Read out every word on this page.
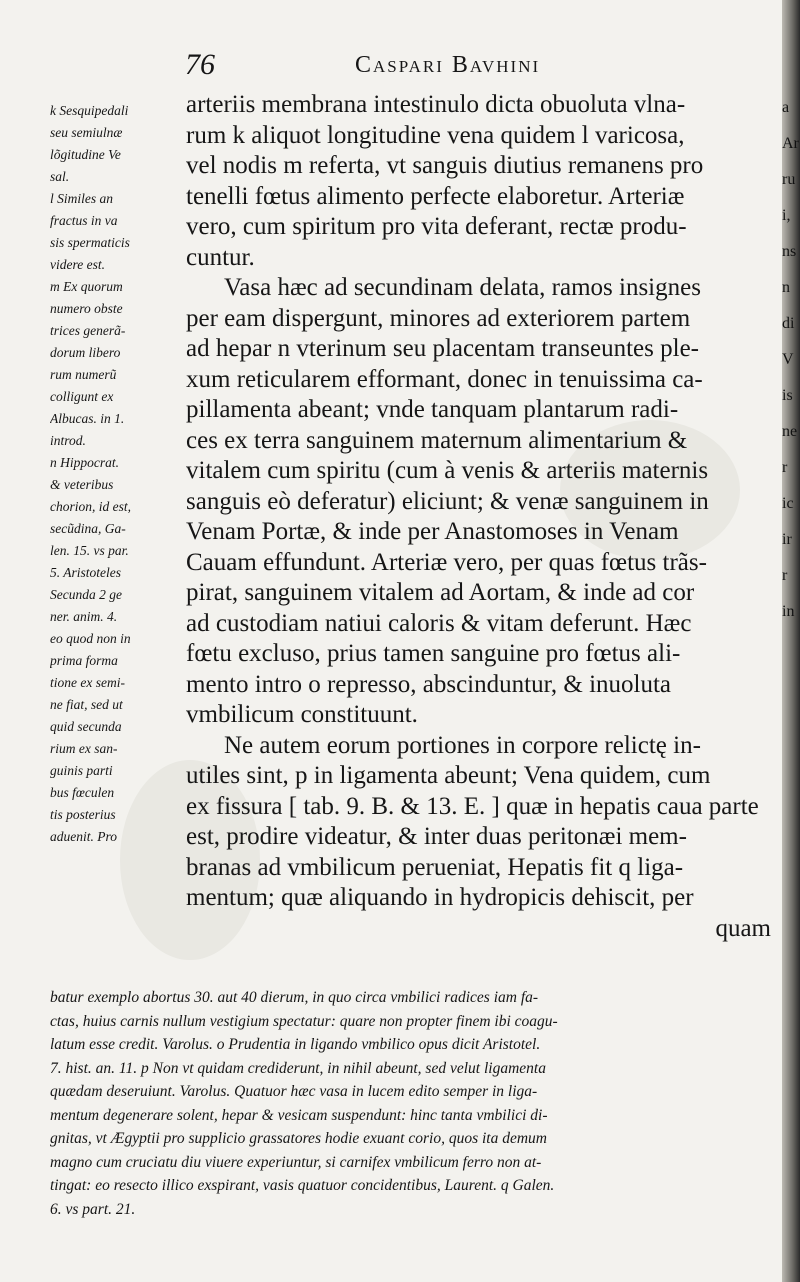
76	Caspari Bavhini
k Sesquipedali
seu semiulnæ
lõgitudine Ve
sal.
l Similes an
fractus in va
sis spermaticis
videre est.
m Ex quorum
numero obste
trices generã-
dorum libero
rum numerũ
colligunt ex
Albucas. in 1.
introd.
n Hippocrat.
& veteribus
chorion, id est,
secũdina, Ga-
len. 15. vs par.
5. Aristoteles
Secunda 2 ge
ner. anim. 4.
eo quod non in
prima forma
tione ex semi-
ne fiat, sed ut
quid secunda
rium ex san-
guinis parti
bus fœculen
tis posterius
aduenit. Pro
arteriis membrana intestinulo dicta obuoluta vlna-
rum k aliquot longitudine vena quidem l varicosa,
vel nodis m referta, vt sanguis diutius remanens pro
tenelli fœtus alimento perfecte elaboretur. Arteriæ
vero, cum spiritum pro vita deferant, rectæ produ-
cuntur.
Vasa hæc ad secundinam delata, ramos insignes
per eam dispergunt, minores ad exteriorem partem
ad hepar n vterinum seu placentam transeuntes ple-
xum reticularem efformant, donec in tenuissima ca-
pillamenta abeant; vnde tanquam plantarum radi-
ces ex terra sanguinem maternum alimentarium &
vitalem cum spiritu (cum à venis & arteriis maternis
sanguis eò deferatur) eliciunt; & venæ sanguinem in
Venam Portæ, & inde per Anastomoses in Venam
Cauam effundunt. Arteriæ vero, per quas fœtus trãs-
pirat, sanguinem vitalem ad Aortam, & inde ad cor
ad custodiam natiui caloris & vitam deferunt. Hæc
fœtu excluso, prius tamen sanguine pro fœtus ali-
mento intro o represso, abscinduntur, & inuoluta
vmbilicum constituunt.
Ne autem eorum portiones in corpore relictę in-
utiles sint, p in ligamenta abeunt; Vena quidem, cum
ex fissura [ tab. 9. B. & 13. E. ] quæ in hepatis caua parte
est, prodire videatur, & inter duas peritonæi mem-
branas ad vmbilicum perueniat, Hepatis fit q liga-
mentum; quæ aliquando in hydropicis dehiscit, per
quam
batur exemplo abortus 30. aut 40 dierum, in quo circa vmbilici radices iam fa-
ctas, huius carnis nullum vestigium spectatur: quare non propter finem ibi coagu-
latum esse credit. Varolus. o Prudentia in ligando vmbilico opus dicit Aristotel.
7. hist. an. 11. p Non vt quidam crediderunt, in nihil abeunt, sed velut ligamenta
quædam deseruiunt. Varolus. Quatuor hæc vasa in lucem edito semper in liga-
mentum degenerare solent, hepar & vesicam suspendunt: hinc tanta vmbilici di-
gnitas, vt Ægyptii pro supplicio grassatores hodie exuant corio, quos ita demum
magno cum cruciatu diu viuere experiuntur, si carnifex vmbilicum ferro non at-
tingat: eo resecto illico exspirant, vasis quatuor concidentibus, Laurent. q Galen.
6. vs part. 21.
a
Ar
ru
i,
ns
n
di
V
is
ne
r
ic
ir
r
in
